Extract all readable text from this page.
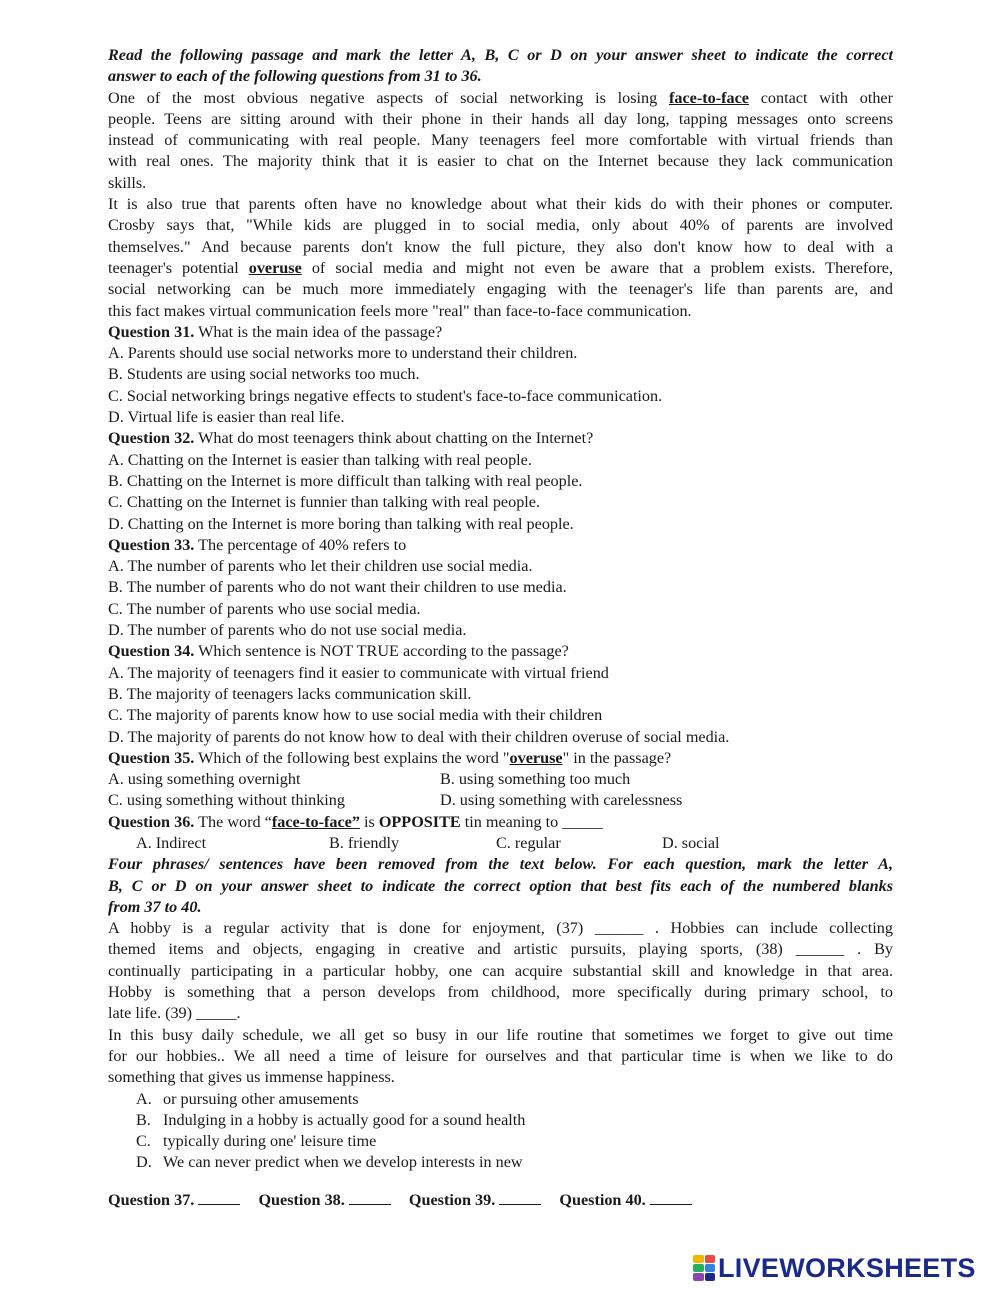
Read the following passage and mark the letter A, B, C or D on your answer sheet to indicate the correct
answer to each of the following questions from 31 to 36.
One of the most obvious negative aspects of social networking is losing face-to-face contact with other
people. Teens are sitting around with their phone in their hands all day long, tapping messages onto screens
instead of communicating with real people. Many teenagers feel more comfortable with virtual friends than
with real ones. The majority think that it is easier to chat on the Internet because they lack communication
skills.
It is also true that parents often have no knowledge about what their kids do with their phones or computer.
Crosby says that, "While kids are plugged in to social media, only about 40% of parents are involved
themselves." And because parents don't know the full picture, they also don't know how to deal with a
teenager's potential overuse of social media and might not even be aware that a problem exists. Therefore,
social networking can be much more immediately engaging with the teenager's life than parents are, and
this fact makes virtual communication feels more "real" than face-to-face communication.
Question 31. What is the main idea of the passage?
A. Parents should use social networks more to understand their children.
B. Students are using social networks too much.
C. Social networking brings negative effects to student's face-to-face communication.
D. Virtual life is easier than real life.
Question 32. What do most teenagers think about chatting on the Internet?
A. Chatting on the Internet is easier than talking with real people.
B. Chatting on the Internet is more difficult than talking with real people.
C. Chatting on the Internet is funnier than talking with real people.
D. Chatting on the Internet is more boring than talking with real people.
Question 33. The percentage of 40% refers to
A. The number of parents who let their children use social media.
B. The number of parents who do not want their children to use media.
C. The number of parents who use social media.
D. The number of parents who do not use social media.
Question 34. Which sentence is NOT TRUE according to the passage?
A. The majority of teenagers find it easier to communicate with virtual friend
B. The majority of teenagers lacks communication skill.
C. The majority of parents know how to use social media with their children
D. The majority of parents do not know how to deal with their children overuse of social media.
Question 35. Which of the following best explains the word "overuse" in the passage?
A. using something overnight	B. using something too much
C. using something without thinking	D. using something with carelessness
Question 36. The word “face-to-face” is OPPOSITE tin meaning to _____
A. Indirect	B. friendly	C. regular	D. social
Four phrases/ sentences have been removed from the text below. For each question, mark the letter A,
B, C or D on your answer sheet to indicate the correct option that best fits each of the numbered blanks
from 37 to 40.
A hobby is a regular activity that is done for enjoyment, (37) ______ . Hobbies can include collecting
themed items and objects, engaging in creative and artistic pursuits, playing sports, (38) ______ . By
continually participating in a particular hobby, one can acquire substantial skill and knowledge in that area.
Hobby is something that a person develops from childhood, more specifically during primary school, to
late life. (39) _____.
In this busy daily schedule, we all get so busy in our life routine that sometimes we forget to give out time
for our hobbies.. We all need a time of leisure for ourselves and that particular time is when we like to do
something that gives us immense happiness.
A. or pursuing other amusements
B. Indulging in a hobby is actually good for a sound health
C. typically during one' leisure time
D. We can never predict when we develop interests in new
Question 37.	Question 38.	Question 39.	Question 40.
LIVEWORKSHEETS
